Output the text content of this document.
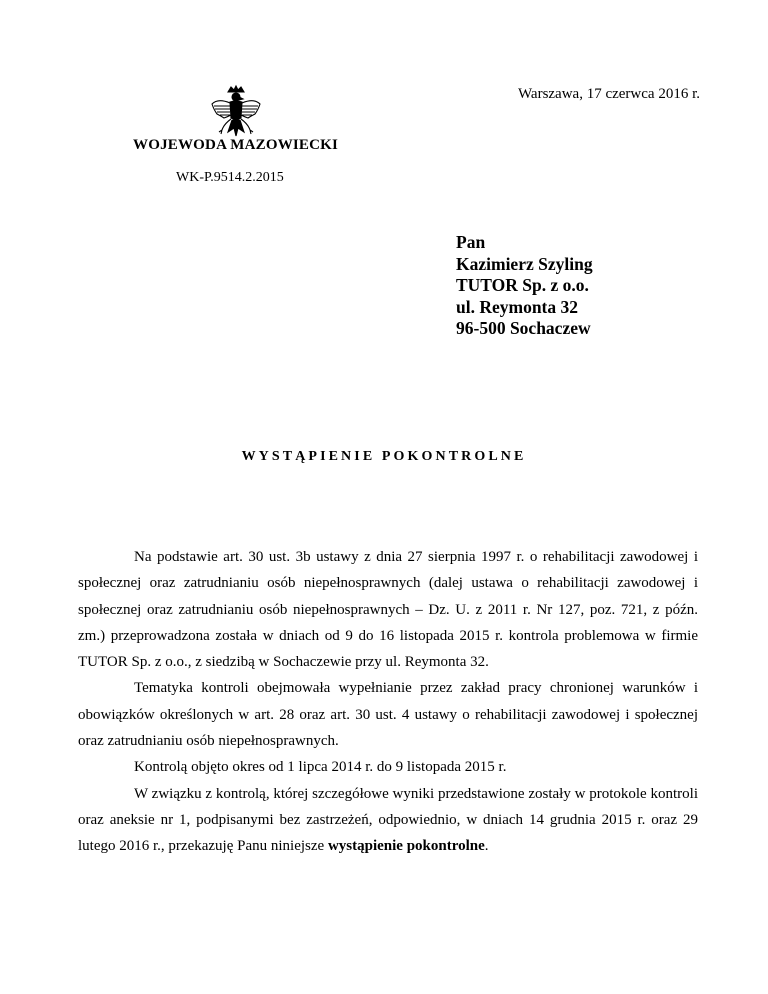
Warszawa, 17 czerwca 2016 r.
WOJEWODA MAZOWIECKI
WK-P.9514.2.2015
Pan
Kazimierz Szyling
TUTOR Sp. z o.o.
ul. Reymonta 32
96-500 Sochaczew
WYSTĄPIENIE POKONTROLNE

Na podstawie art. 30 ust. 3b ustawy z dnia 27 sierpnia 1997 r. o rehabilitacji zawodowej i społecznej oraz zatrudnianiu osób niepełnosprawnych (dalej ustawa o rehabilitacji zawodowej i społecznej oraz zatrudnianiu osób niepełnosprawnych – Dz. U. z 2011 r. Nr 127, poz. 721, z późn. zm.) przeprowadzona została w dniach od 9 do 16 listopada 2015 r. kontrola problemowa w firmie TUTOR Sp. z o.o., z siedzibą w Sochaczewie przy ul. Reymonta 32.

Tematyka kontroli obejmowała wypełnianie przez zakład pracy chronionej warunków i obowiązków określonych w art. 28 oraz art. 30 ust. 4 ustawy o rehabilitacji zawodowej i społecznej oraz zatrudnianiu osób niepełnosprawnych.

Kontrolą objęto okres od 1 lipca 2014 r. do 9 listopada 2015 r.

W związku z kontrolą, której szczegółowe wyniki przedstawione zostały w protokole kontroli oraz aneksie nr 1, podpisanymi bez zastrzeżeń, odpowiednio, w dniach 14 grudnia 2015 r. oraz 29 lutego 2016 r., przekazuję Panu niniejsze wystąpienie pokontrolne.
